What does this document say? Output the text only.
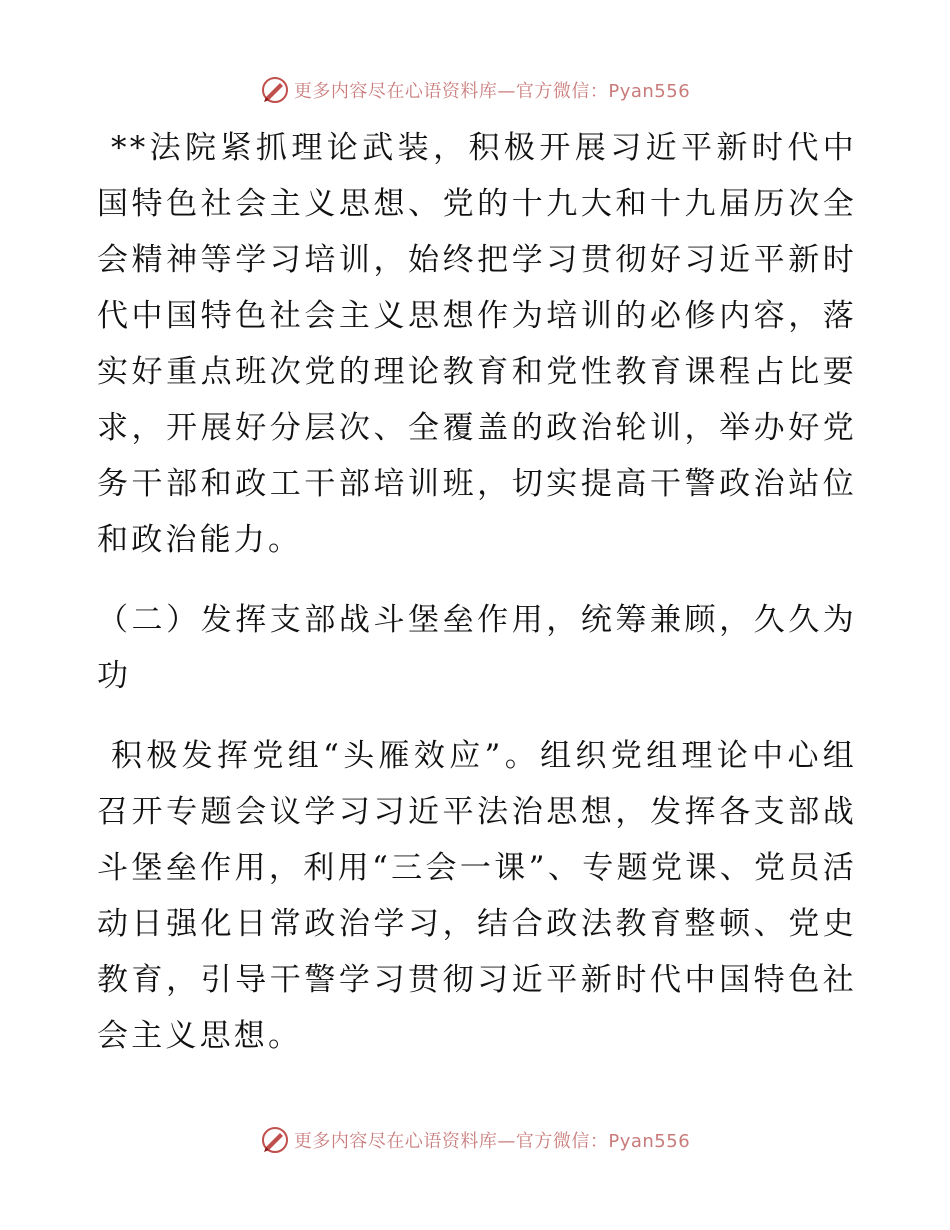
更多内容尽在心语资料库—官方微信：Pyan556

**法院紧抓理论武装，积极开展习近平新时代中国特色社会主义思想、党的十九大和十九届历次全会精神等学习培训，始终把学习贯彻好习近平新时代中国特色社会主义思想作为培训的必修内容，落实好重点班次党的理论教育和党性教育课程占比要求，开展好分层次、全覆盖的政治轮训，举办好党务干部和政工干部培训班，切实提高干警政治站位和政治能力。

（二）发挥支部战斗堡垒作用，统筹兼顾，久久为功

积极发挥党组“头雁效应”。组织党组理论中心组召开专题会议学习习近平法治思想，发挥各支部战斗堡垒作用，利用“三会一课”、专题党课、党员活动日强化日常政治学习，结合政法教育整顿、党史教育，引导干警学习贯彻习近平新时代中国特色社会主义思想。

更多内容尽在心语资料库—官方微信：Pyan556
